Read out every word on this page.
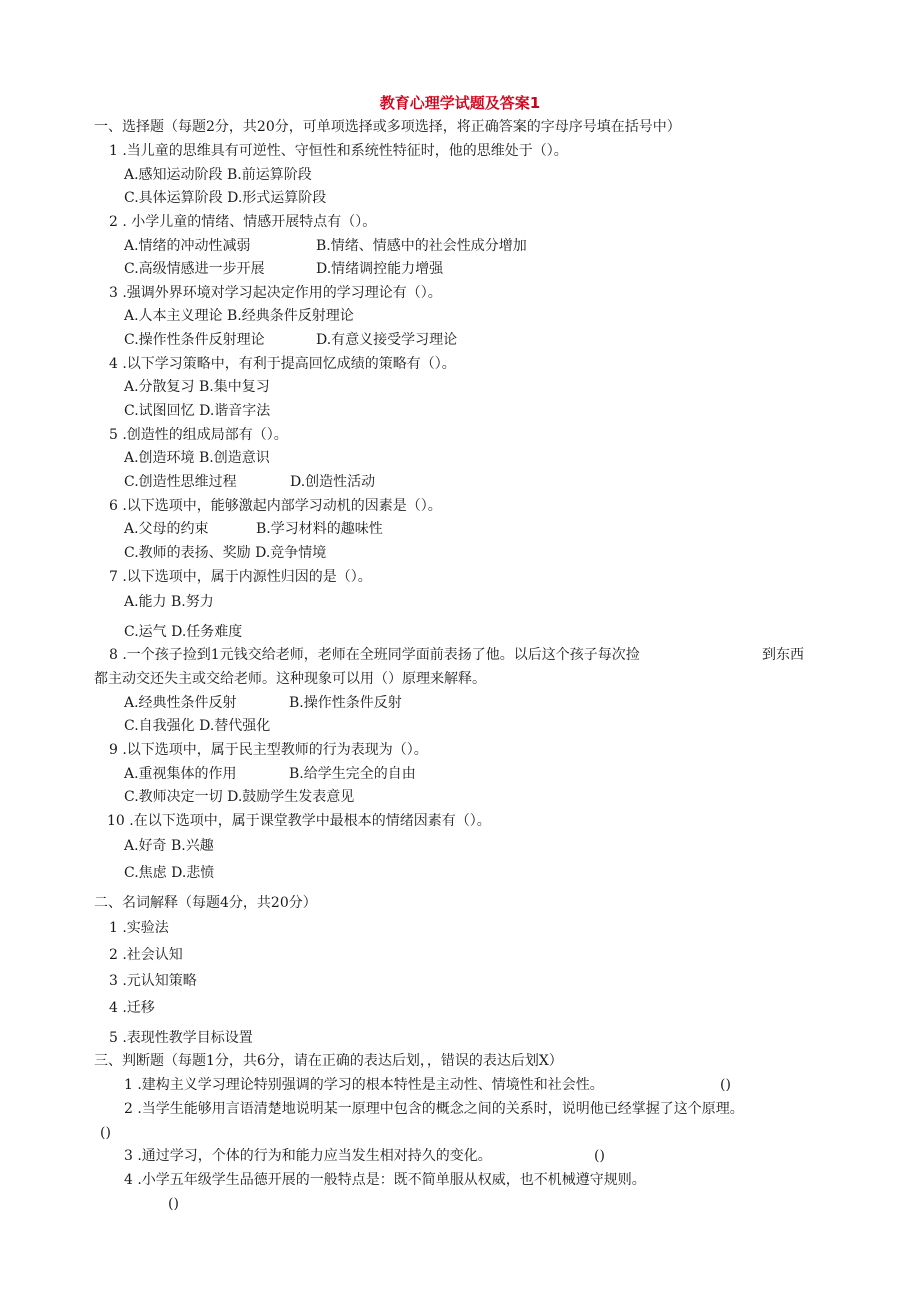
教育心理学试题及答案1
一、选择题（每题2分，共20分，可单项选择或多项选择，将正确答案的字母序号填在括号中）
1 .当儿童的思维具有可逆性、守恒性和系统性特征时，他的思维处于（）。
A.感知运动阶段 B.前运算阶段
C.具体运算阶段 D.形式运算阶段
2 . 小学儿童的情绪、情感开展特点有（）。
A.情绪的冲动性减弱	B.情绪、情感中的社会性成分增加
C.高级情感进一步开展	D.情绪调控能力增强
3 .强调外界环境对学习起决定作用的学习理论有（）。
A.人本主义理论 B.经典条件反射理论
C.操作性条件反射理论	D.有意义接受学习理论
4 .以下学习策略中，有利于提高回忆成绩的策略有（）。
A.分散复习 B.集中复习
C.试图回忆 D.谐音字法
5 .创造性的组成局部有（）。
A.创造环境 B.创造意识
C.创造性思维过程	D.创造性活动
6 .以下选项中，能够激起内部学习动机的因素是（）。
A.父母的约束	B.学习材料的趣味性
C.教师的表扬、奖励 D.竞争情境
7 .以下选项中，属于内源性归因的是（）。
A.能力 B.努力
C.运气 D.任务难度
8 .一个孩子捡到1元钱交给老师，老师在全班同学面前表扬了他。以后这个孩子每次捡	到东西
都主动交还失主或交给老师。这种现象可以用（）原理来解释。
A.经典性条件反射	B.操作性条件反射
C.自我强化 D.替代强化
9 .以下选项中，属于民主型教师的行为表现为（）。
A.重视集体的作用	B.给学生完全的自由
C.教师决定一切 D.鼓励学生发表意见
10 .在以下选项中，属于课堂教学中最根本的情绪因素有（）。
A.好奇 B.兴趣
C.焦虑 D.悲愤
二、名词解释（每题4分，共20分）
1 .实验法
2 .社会认知
3 .元认知策略
4 .迁移
5 .表现性教学目标设置
三、判断题（每题1分，共6分，请在正确的表达后划，，错误的表达后划X）
1 .建构主义学习理论特别强调的学习的根本特性是主动性、情境性和社会性。	()
2 .当学生能够用言语清楚地说明某一原理中包含的概念之间的关系时，说明他已经掌握了这个原理。
()
3 .通过学习，个体的行为和能力应当发生相对持久的变化。	()
4 .小学五年级学生品德开展的一般特点是：既不简单服从权威，也不机械遵守规则。
()
